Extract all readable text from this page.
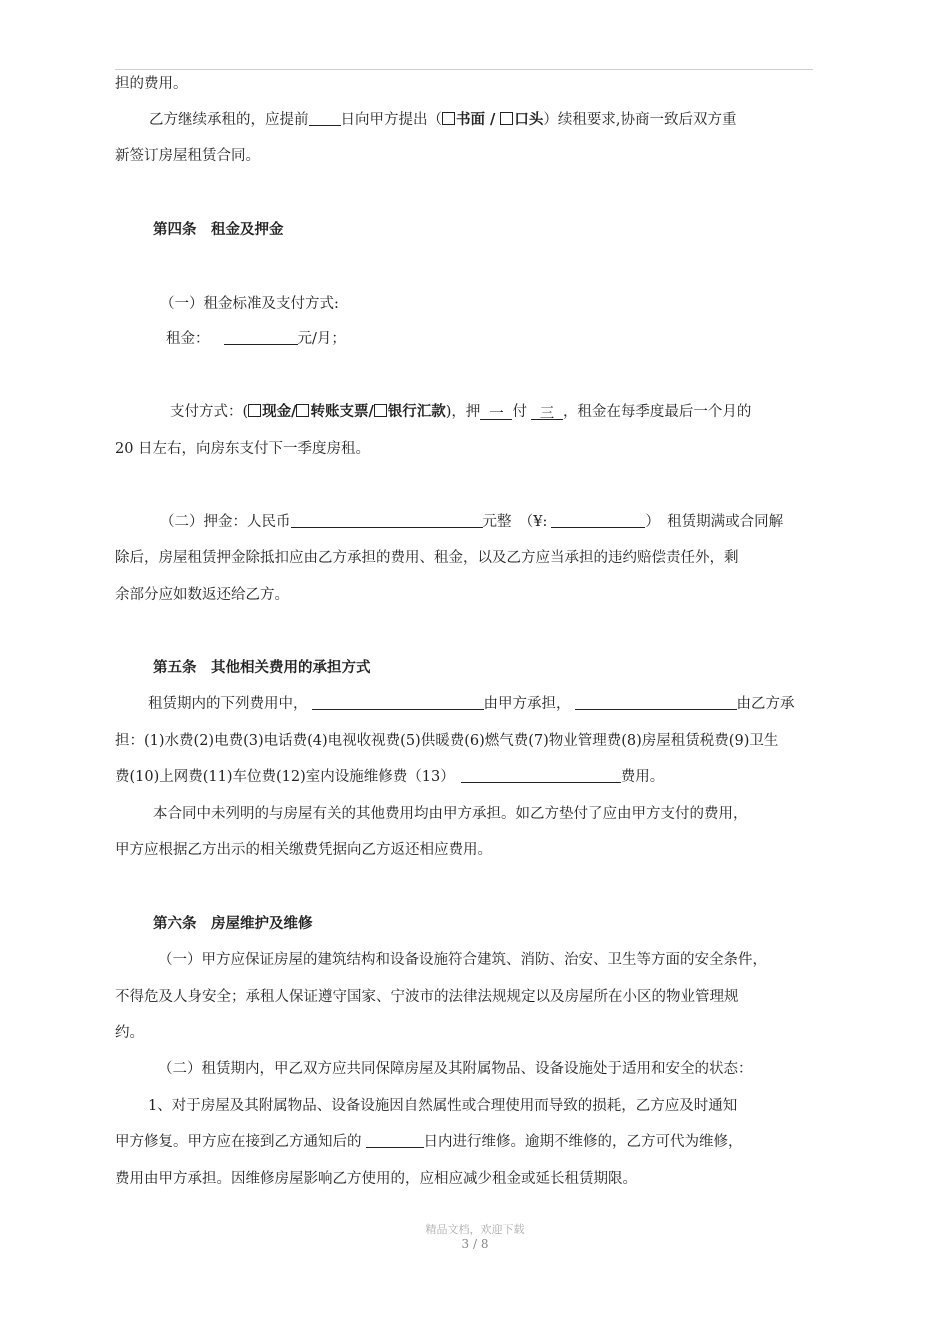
担的费用。
乙方继续承租的，应提前 日向甲方提出（ 书面 / 口头）续租要求,协商一致后双方重
新签订房屋租赁合同。
第四条　租金及押金
（一）租金标准及支付方式:
租金：	元/月；
支付方式：( 现金/ 转账支票/ 银行汇款)，押 一 付 三 ，租金在每季度最后一个月的
20 日左右，向房东支付下一季度房租。
（二）押金：人民币	元整　（¥:	）　租赁期满或合同解
除后，房屋租赁押金除抵扣应由乙方承担的费用、租金，以及乙方应当承担的违约赔偿责任外，剩
余部分应如数返还给乙方。
第五条　其他相关费用的承担方式
租赁期内的下列费用中，	由甲方承担，	由乙方承
担：(1)水费(2)电费(3)电话费(4)电视收视费(5)供暖费(6)燃气费(7)物业管理费(8)房屋租赁税费(9)卫生
费(10)上网费(11)车位费(12)室内设施维修费（13）	费用。
本合同中未列明的与房屋有关的其他费用均由甲方承担。如乙方垫付了应由甲方支付的费用，
甲方应根据乙方出示的相关缴费凭据向乙方返还相应费用。
第六条　房屋维护及维修
（一）甲方应保证房屋的建筑结构和设备设施符合建筑、消防、治安、卫生等方面的安全条件，
不得危及人身安全；承租人保证遵守国家、宁波市的法律法规规定以及房屋所在小区的物业管理规
约。
（二）租赁期内，甲乙双方应共同保障房屋及其附属物品、设备设施处于适用和安全的状态：
1、对于房屋及其附属物品、设备设施因自然属性或合理使用而导致的损耗，乙方应及时通知
甲方修复。甲方应在接到乙方通知后的	日内进行维修。逾期不维修的，乙方可代为维修，
费用由甲方承担。因维修房屋影响乙方使用的，应相应减少租金或延长租赁期限。
精品文档，欢迎下载
3 / 8
